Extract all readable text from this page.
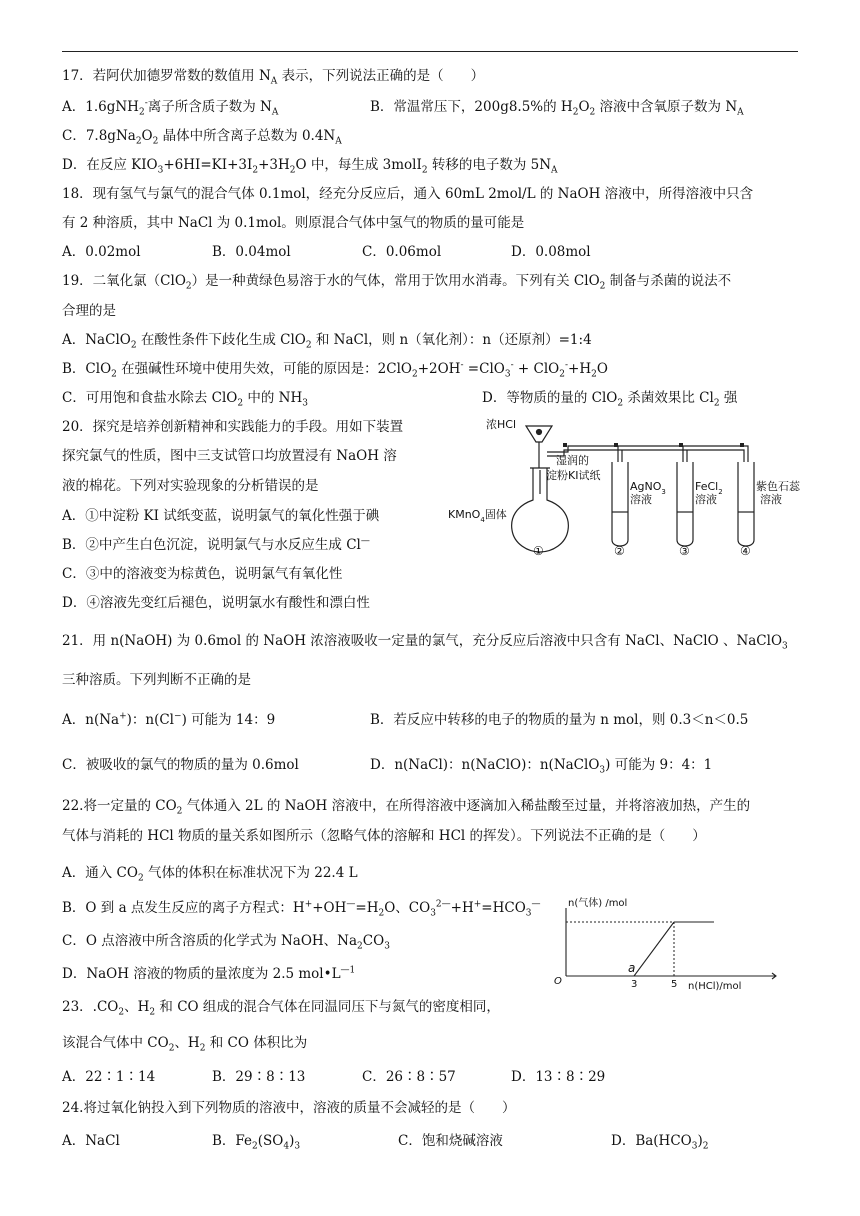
17．若阿伏加德罗常数的数值用 $N_A$ 表示，下列说法正确的是（　　）
A．1.6gNH$_2$-离子所含质子数为 $N_A$	B．常温常压下，200g8.5%的 $H_2O_2$ 溶液中含氧原子数为 $N_A$
C．$7.8gNa_2O_2$ 晶体中所含离子总数为 $0.4N_A$
D．在反应 $KIO_3+6HI=KI+3I_2+3H_2O$ 中，每生成 3molI$_2$ 转移的电子数为 $5N_A$
18．现有氢气与氯气的混合气体 0.1mol，经充分反应后，通入 60mL 2mol/L 的 NaOH 溶液中，所得溶液中只含
有 2 种溶质，其中 NaCl 为 0.1mol。则原混合气体中氢气的物质的量可能是
A．0.02mol	B．0.04mol	C．0.06mol	D．0.08mol
19．二氧化氯（ClO$_2$）是一种黄绿色易溶于水的气体，常用于饮用水消毒。下列有关 ClO$_2$ 制备与杀菌的说法不
合理的是
A．NaClO$_2$ 在酸性条件下歧化生成 ClO$_2$ 和 NaCl，则 n（氧化剂）：n（还原剂）=1:4
B．ClO$_2$ 在强碱性环境中使用失效，可能的原因是：$2ClO_2+2OH^- =ClO_3^- + ClO_2^-+H_2O$
C．可用饱和食盐水除去 ClO$_2$ 中的 $NH_3$	D．等物质的量的 ClO$_2$ 杀菌效果比 $Cl_2$ 强
20．探究是培养创新精神和实践能力的手段。用如下装置
探究氯气的性质，图中三支试管口均放置浸有 NaOH 溶
液的棉花。下列对实验现象的分析错误的是
A．①中淀粉 KI 试纸变蓝，说明氯气的氧化性强于碘
B．②中产生白色沉淀，说明氯气与水反应生成 Cl—
C．③中的溶液变为棕黄色，说明氯气有氧化性
D．④溶液先变红后褪色，说明氯水有酸性和漂白性
浓HCl
湿润的
淀粉KI试纸
KMnO$_4$固体
AgNO$_3$
溶液
FeCl$_2$
溶液
紫色石蕊
溶液
①	②	③	④
21．用 n(NaOH) 为 0.6mol 的 NaOH 浓溶液吸收一定量的氯气，充分反应后溶液中只含有 NaCl、NaClO 、NaClO$_3$
三种溶质。下列判断不正确的是
A．n(Na+)：n(Cl−) 可能为 14：9	B．若反应中转移的电子的物质的量为 n mol，则 0.3＜n＜0.5
C．被吸收的氯气的物质的量为 0.6mol	D．n(NaCl)：n(NaClO)：n(NaClO$_3$) 可能为 9：4：1
22.将一定量的 $CO_2$ 气体通入 2L 的 NaOH 溶液中，在所得溶液中逐滴加入稀盐酸至过量，并将溶液加热，产生的
气体与消耗的 HCl 物质的量关系如图所示（忽略气体的溶解和 HCl 的挥发）。下列说法不正确的是（　　）
A．通入 $CO_2$ 气体的体积在标准状况下为 22.4 L
B．O 到 a 点发生反应的离子方程式：$H^++OH^—=H_2O$、$CO_3^{2—}+H^+=HCO_3^—$
C．O 点溶液中所含溶质的化学式为 NaOH、$Na_2CO_3$
D．NaOH 溶液的物质的量浓度为 2.5 $mol•L^{—1}$
n(气体) /mol
n(HCl)/mol
O
a
3	5
23．$.CO_2$、$H_2$ 和 CO 组成的混合气体在同温同压下与氮气的密度相同，
该混合气体中 $CO_2$、$H_2$ 和 CO 体积比为
A．22∶1∶14	B．29∶8∶13	C．26∶8∶57	D．13∶8∶29
24.将过氧化钠投入到下列物质的溶液中，溶液的质量不会减轻的是（　　）
A．NaCl	B．$Fe_2(SO_4)_3$	C．饱和烧碱溶液	D．$Ba(HCO_3)_2$
